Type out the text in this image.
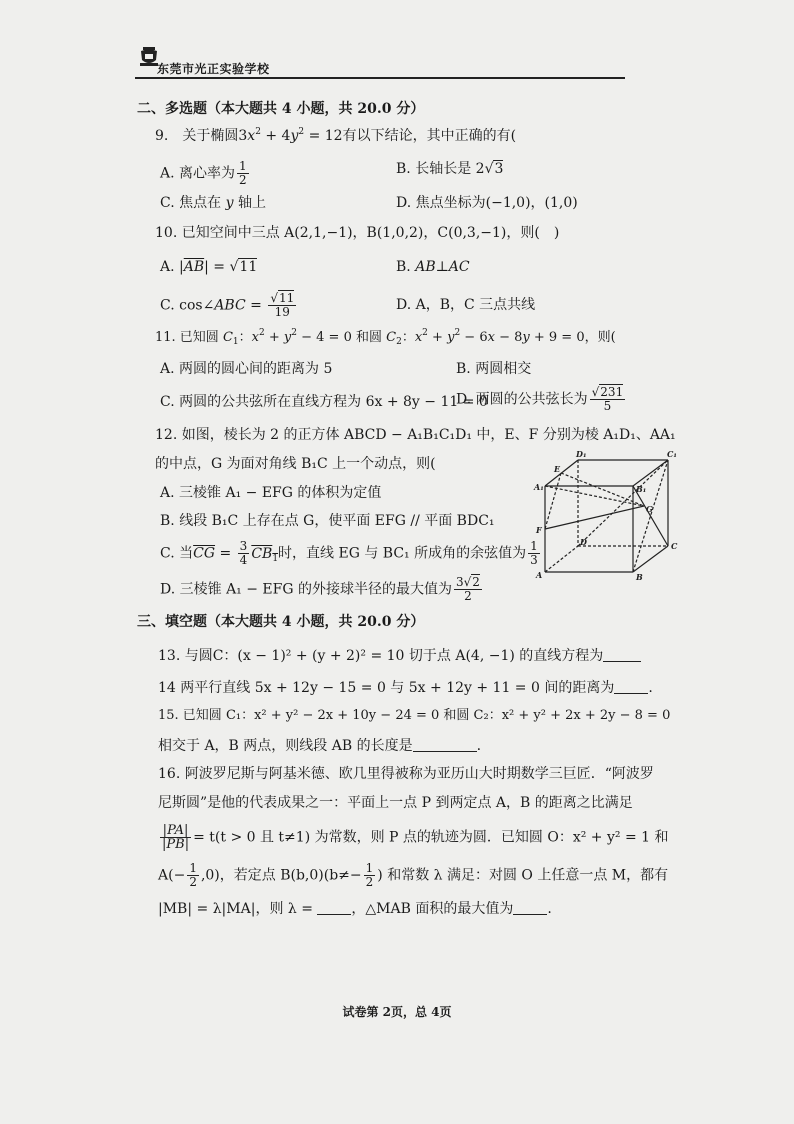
东莞市光正实验学校
二、多选题（本大题共 4 小题，共 20.0 分）
9.　关于椭圆$3x^2 + 4y^2 = 12$有以下结论，其中正确的有(
A. 离心率为 $\frac{1}{2}$	B. 长轴长是 2√3
C. 焦点在 y 轴上	D. 焦点坐标为(−1,0)，(1,0)
10. 已知空间中三点 A(2,1,−1)，B(1,0,2)，C(0,3,−1)，则(　)
A. $|\overline{AB}| = √11$	B. AB⊥AC
C. cos∠ABC = $\frac{√11}{19}$	D. A，B，C 三点共线
11. 已知圆 $C_1$：$x^2 + y^2 - 4 = 0$ 和圆 $C_2$：$x^2 + y^2 - 6x - 8y + 9 = 0$，则(
A. 两圆的圆心间的距离为 5	B. 两圆相交
C. 两圆的公共弦所在直线方程为 6x + 8y − 11 = 0
D. 两圆的公共弦长为 $\frac{√231}{5}$
12. 如图，棱长为 2 的正方体 ABCD − A₁B₁C₁D₁ 中，E、F 分别为棱 A₁D₁、AA₁
的中点，G 为面对角线 B₁C 上一个动点，则(
A. 三棱锥 A₁ − EFG 的体积为定值
B. 线段 B₁C 上存在点 G，使平面 EFG // 平面 BDC₁
C. 当$\overline{CG} = \frac{3}{4} CB_1$时，直线 EG 与 BC₁ 所成角的余弦值为 $\frac{1}{3}$
D. 三棱锥 A₁ − EFG 的外接球半径的最大值为 $\frac{3√2}{2}$
D₁	C₁
A₁	B₁
E
F
G
D	C
A	B
三、填空题（本大题共 4 小题，共 20.0 分）
13. 与圆C：(x − 1)² + (y + 2)² = 10 切于点 A(4, −1) 的直线方程为
14 两平行直线 5x + 12y − 15 = 0 与 5x + 12y + 11 = 0 间的距离为 .
15. 已知圆 C₁：x² + y² − 2x + 10y − 24 = 0 和圆 C₂：x² + y² + 2x + 2y − 8 = 0
相交于 A，B 两点，则线段 AB 的长度是	.
16. 阿波罗尼斯与阿基米德、欧几里得被称为亚历山大时期数学三巨匠．“阿波罗
尼斯圆”是他的代表成果之一：平面上一点 P 到两定点 A，B 的距离之比满足
$\frac{|PA|}{|PB|} = t(t > 0$ 且 t≠1) 为常数，则 P 点的轨迹为圆．已知圆 O：x² + y² = 1 和
$A(- \frac{1}{2} ,0)$，若定点 $B(b,0)(b\ne- \frac{1}{2}$ ) 和常数 λ 满足：对圆 O 上任意一点 M，都有
|MB| = λ|MA|，则 λ =	，△MAB 面积的最大值为 .
试卷第 2页，总 4页
